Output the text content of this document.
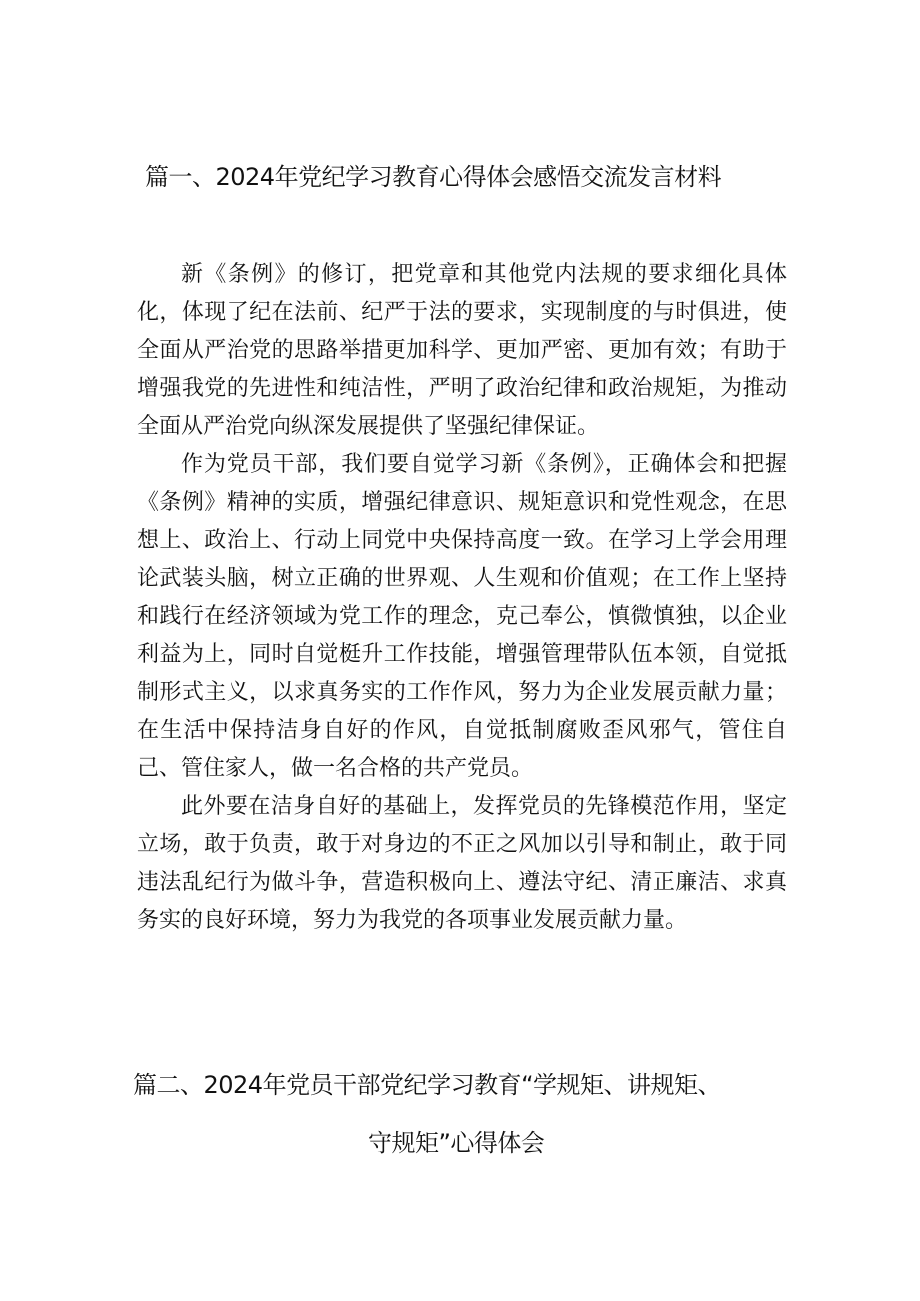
篇一、2024年党纪学习教育心得体会感悟交流发言材料

新《条例》的修订，把党章和其他党内法规的要求细化具体化，体现了纪在法前、纪严于法的要求，实现制度的与时俱进，使全面从严治党的思路举措更加科学、更加严密、更加有效；有助于增强我党的先进性和纯洁性，严明了政治纪律和政治规矩，为推动全面从严治党向纵深发展提供了坚强纪律保证。

作为党员干部，我们要自觉学习新《条例》，正确体会和把握《条例》精神的实质，增强纪律意识、规矩意识和党性观念，在思想上、政治上、行动上同党中央保持高度一致。在学习上学会用理论武装头脑，树立正确的世界观、人生观和价值观；在工作上坚持和践行在经济领域为党工作的理念，克己奉公，慎微慎独，以企业利益为上，同时自觉梃升工作技能，增强管理带队伍本领，自觉抵制形式主义，以求真务实的工作作风，努力为企业发展贡献力量；在生活中保持洁身自好的作风，自觉抵制腐败歪风邪气，管住自己、管住家人，做一名合格的共产党员。

此外要在洁身自好的基础上，发挥党员的先锋模范作用，坚定立场，敢于负责，敢于对身边的不正之风加以引导和制止，敢于同违法乱纪行为做斗争，营造积极向上、遵法守纪、清正廉洁、求真务实的良好环境，努力为我党的各项事业发展贡献力量。

篇二、2024年党员干部党纪学习教育“学规矩、讲规矩、
守规矩”心得体会
